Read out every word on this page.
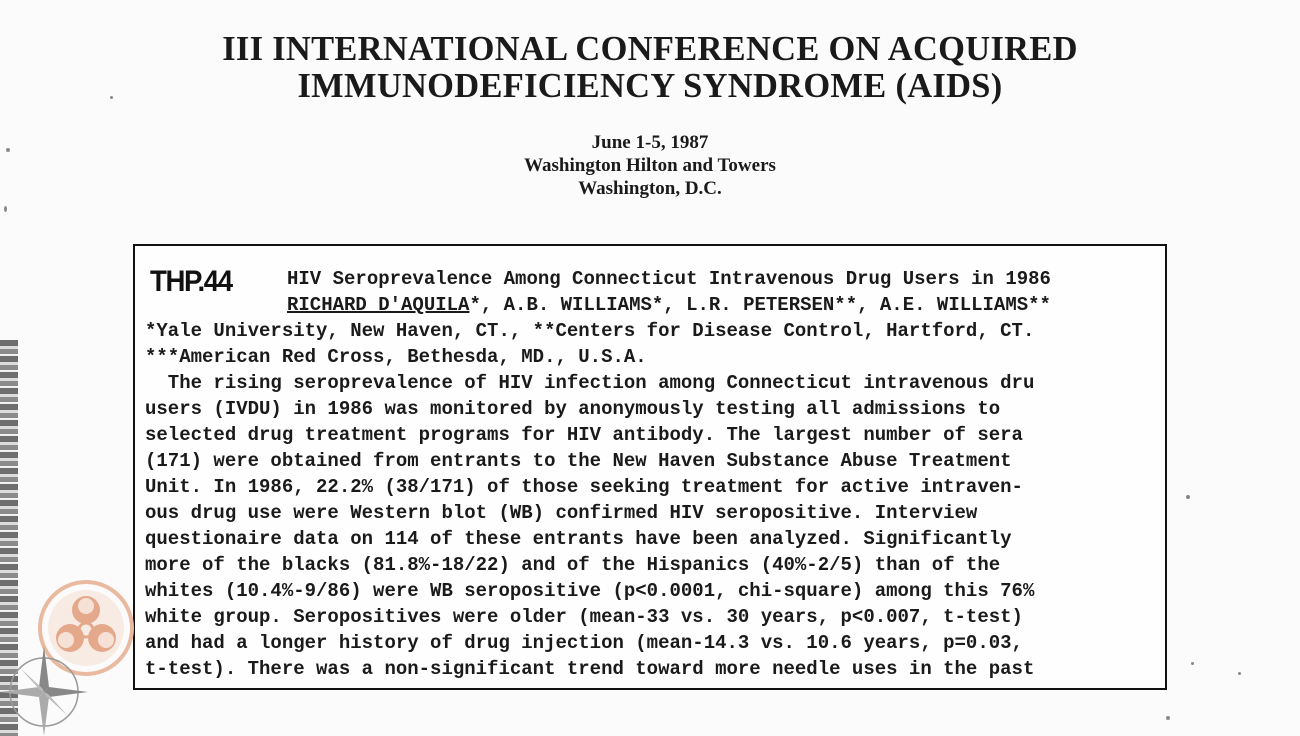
III INTERNATIONAL CONFERENCE ON ACQUIRED
IMMUNODEFICIENCY SYNDROME (AIDS)
June 1-5, 1987
Washington Hilton and Towers
Washington, D.C.
THP.44	HIV Seroprevalence Among Connecticut Intravenous Drug Users in 1986
RICHARD D'AQUILA*, A.B. WILLIAMS*, L.R. PETERSEN**, A.E. WILLIAMS**
*Yale University, New Haven, CT., **Centers for Disease Control, Hartford, CT.
***American Red Cross, Bethesda, MD., U.S.A.
The rising seroprevalence of HIV infection among Connecticut intravenous dru
users (IVDU) in 1986 was monitored by anonymously testing all admissions to
selected drug treatment programs for HIV antibody. The largest number of sera
(171) were obtained from entrants to the New Haven Substance Abuse Treatment
Unit. In 1986, 22.2% (38/171) of those seeking treatment for active intraven-
ous drug use were Western blot (WB) confirmed HIV seropositive. Interview
questionaire data on 114 of these entrants have been analyzed. Significantly
more of the blacks (81.8%-18/22) and of the Hispanics (40%-2/5) than of the
whites (10.4%-9/86) were WB seropositive (p<0.0001, chi-square) among this 76%
white group. Seropositives were older (mean-33 vs. 30 years, p<0.007, t-test)
and had a longer history of drug injection (mean-14.3 vs. 10.6 years, p=0.03,
t-test). There was a non-significant trend toward more needle uses in the past
